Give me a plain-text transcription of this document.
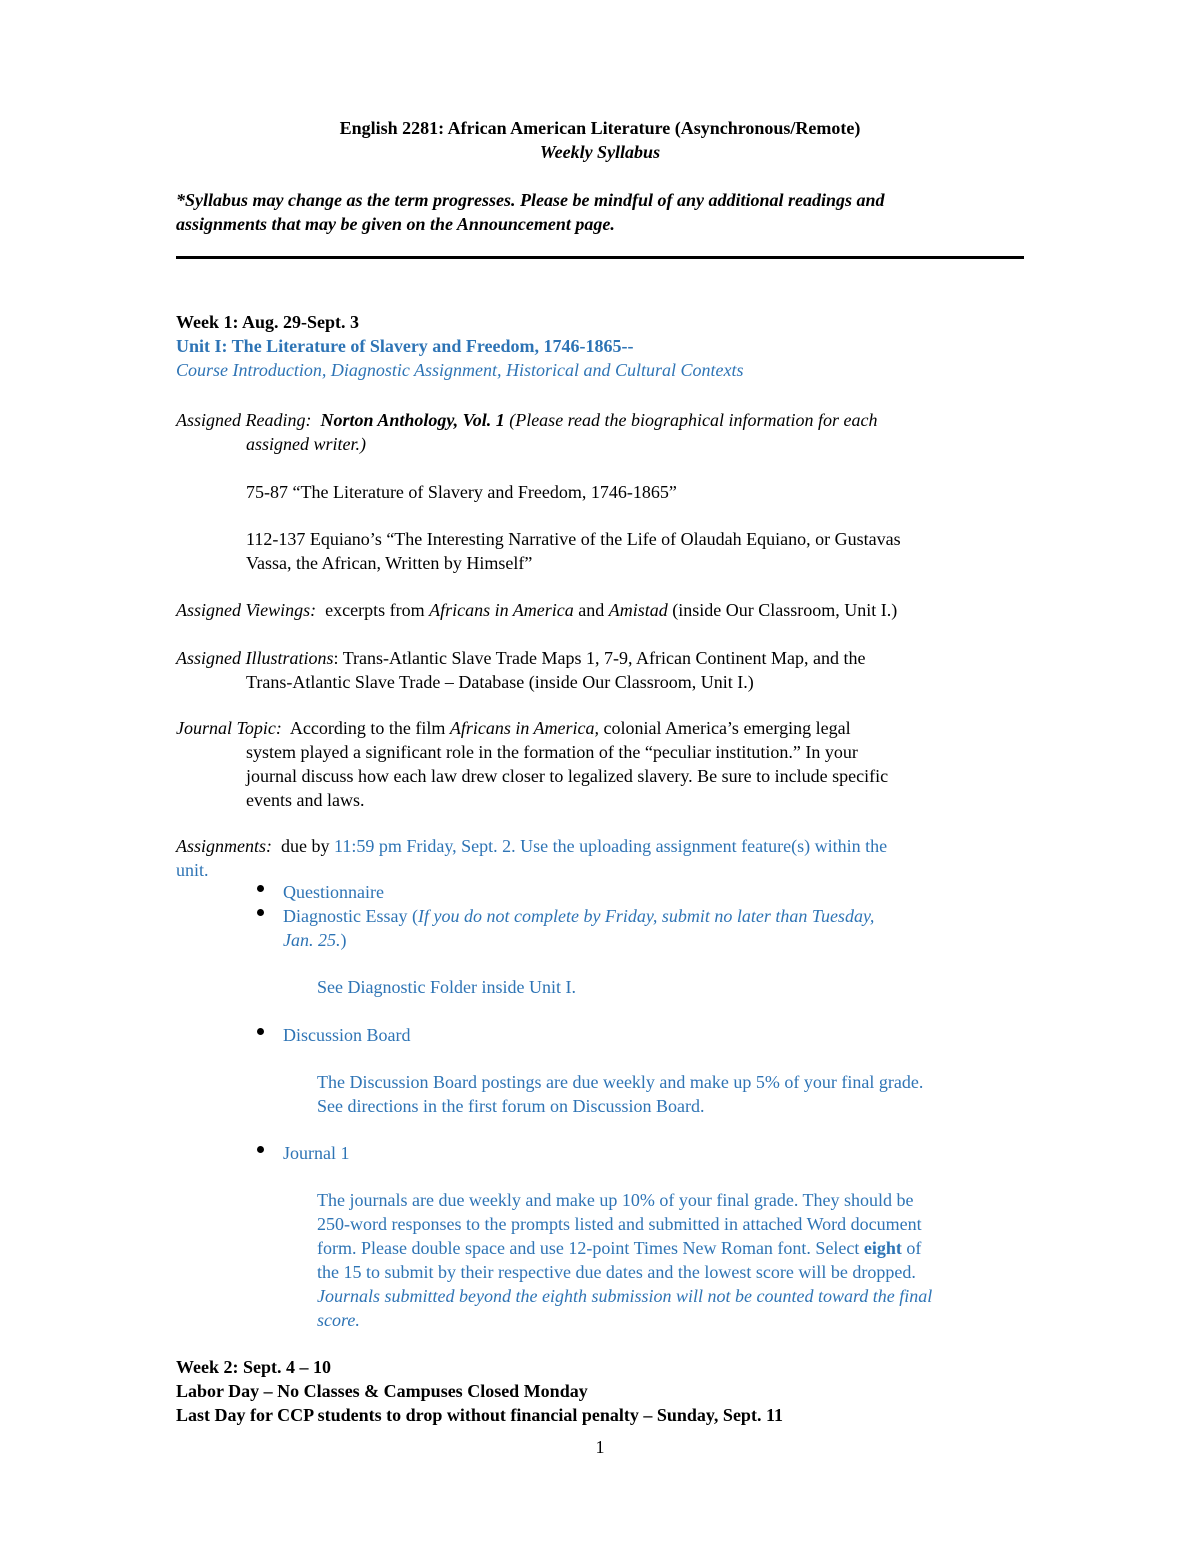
English 2281: African American Literature (Asynchronous/Remote)
Weekly Syllabus
*Syllabus may change as the term progresses. Please be mindful of any additional readings and
assignments that may be given on the Announcement page.
Week 1: Aug. 29-Sept. 3
Unit I: The Literature of Slavery and Freedom, 1746-1865--
Course Introduction, Diagnostic Assignment, Historical and Cultural Contexts
Assigned Reading: Norton Anthology, Vol. 1 (Please read the biographical information for each
assigned writer.)
75-87 “The Literature of Slavery and Freedom, 1746-1865”
112-137 Equiano’s “The Interesting Narrative of the Life of Olaudah Equiano, or Gustavas
Vassa, the African, Written by Himself”
Assigned Viewings: excerpts from Africans in America and Amistad (inside Our Classroom, Unit I.)
Assigned Illustrations: Trans-Atlantic Slave Trade Maps 1, 7-9, African Continent Map, and the
Trans-Atlantic Slave Trade – Database (inside Our Classroom, Unit I.)
Journal Topic: According to the film Africans in America, colonial America’s emerging legal
system played a significant role in the formation of the “peculiar institution.” In your
journal discuss how each law drew closer to legalized slavery. Be sure to include specific
events and laws.
Assignments: due by 11:59 pm Friday, Sept. 2. Use the uploading assignment feature(s) within the
unit.
Questionnaire
Diagnostic Essay (If you do not complete by Friday, submit no later than Tuesday,
Jan. 25.)
See Diagnostic Folder inside Unit I.
Discussion Board
The Discussion Board postings are due weekly and make up 5% of your final grade.
See directions in the first forum on Discussion Board.
Journal 1
The journals are due weekly and make up 10% of your final grade. They should be
250-word responses to the prompts listed and submitted in attached Word document
form. Please double space and use 12-point Times New Roman font. Select eight of
the 15 to submit by their respective due dates and the lowest score will be dropped.
Journals submitted beyond the eighth submission will not be counted toward the final
score.
Week 2: Sept. 4 – 10
Labor Day – No Classes & Campuses Closed Monday
Last Day for CCP students to drop without financial penalty – Sunday, Sept. 11
1
